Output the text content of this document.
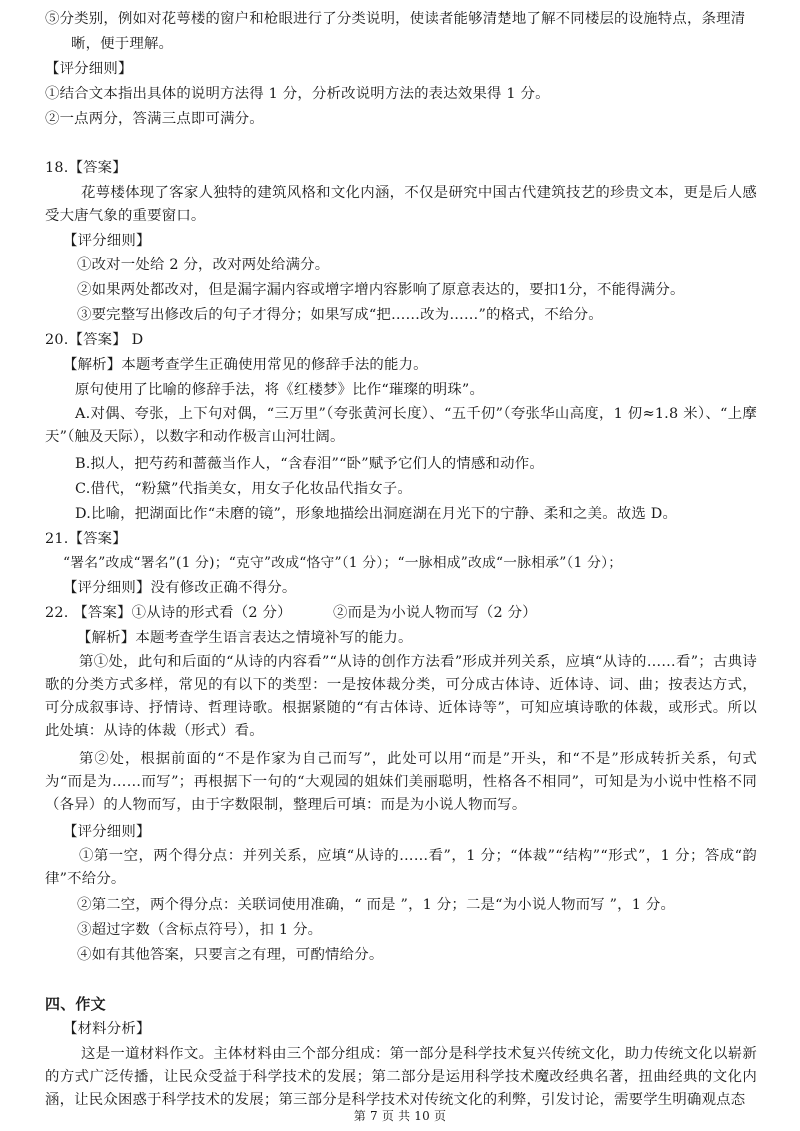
⑤分类别，例如对花萼楼的窗户和枪眼进行了分类说明，使读者能够清楚地了解不同楼层的设施特点，条理清
晰，便于理解。
【评分细则】
①结合文本指出具体的说明方法得 1 分，分析改说明方法的表达效果得 1 分。
②一点两分，答满三点即可满分。
18.【答案】
花萼楼体现了客家人独特的建筑风格和文化内涵，不仅是研究中国古代建筑技艺的珍贵文本，更是后人感受大唐气象的重要窗口。
【评分细则】
①改对一处给 2 分，改对两处给满分。
②如果两处都改对，但是漏字漏内容或增字增内容影响了原意表达的，要扣1分，不能得满分。
③要完整写出修改后的句子才得分；如果写成“把……改为……”的格式，不给分。
20.【答案】 D
【解析】本题考查学生正确使用常见的修辞手法的能力。
原句使用了比喻的修辞手法，将《红楼梦》比作“璀璨的明珠”。
A.对偶、夸张，上下句对偶，“三万里”（夸张黄河长度）、“五千仞”（夸张华山高度，1 仞≈1.8 米）、“上摩天”（触及天际），以数字和动作极言山河壮阔。
B.拟人，把芍药和蔷薇当作人，“含春泪”“卧”赋予它们人的情感和动作。
C.借代，“粉黛”代指美女，用女子化妆品代指女子。
D.比喻，把湖面比作“未磨的镜”，形象地描绘出洞庭湖在月光下的宁静、柔和之美。故选 D。
21.【答案】
“署名”改成“署名”(1 分)；“克守”改成“恪守”（1 分）；“一脉相成”改成“一脉相承”（1 分）；
【评分细则】没有修改正确不得分。
22. 【答案】①从诗的形式看（2 分）	②而是为小说人物而写（2 分）
【解析】本题考查学生语言表达之情境补写的能力。
第①处，此句和后面的“从诗的内容看”“从诗的创作方法看”形成并列关系，应填“从诗的……看”；古典诗歌的分类方式多样，常见的有以下的类型：一是按体裁分类，可分成古体诗、近体诗、词、曲；按表达方式，可分成叙事诗、抒情诗、哲理诗歌。根据紧随的“有古体诗、近体诗等”，可知应填诗歌的体裁，或形式。所以此处填：从诗的体裁（形式）看。
第②处，根据前面的“不是作家为自己而写”，此处可以用“而是”开头，和“不是”形成转折关系，句式为“而是为……而写”；再根据下一句的“大观园的姐妹们美丽聪明，性格各不相同”，可知是为小说中性格不同（各异）的人物而写，由于字数限制，整理后可填：而是为小说人物而写。
【评分细则】
①第一空，两个得分点：并列关系，应填“从诗的……看”，1 分；“体裁”“结构”“形式”，1 分；答成“韵律”不给分。
②第二空，两个得分点：关联词使用准确，“ 而是 ”，1 分；二是“为小说人物而写 ”，1 分。
③超过字数（含标点符号），扣 1 分。
④如有其他答案，只要言之有理，可酌情给分。
四、作文
【材料分析】
这是一道材料作文。主体材料由三个部分组成：第一部分是科学技术复兴传统文化，助力传统文化以崭新的方式广泛传播，让民众受益于科学技术的发展；第二部分是运用科学技术魔改经典名著，扭曲经典的文化内涵，让民众困惑于科学技术的发展；第三部分是科学技术对传统文化的利弊，引发讨论，需要学生明确观点态
第 7 页 共 10 页
